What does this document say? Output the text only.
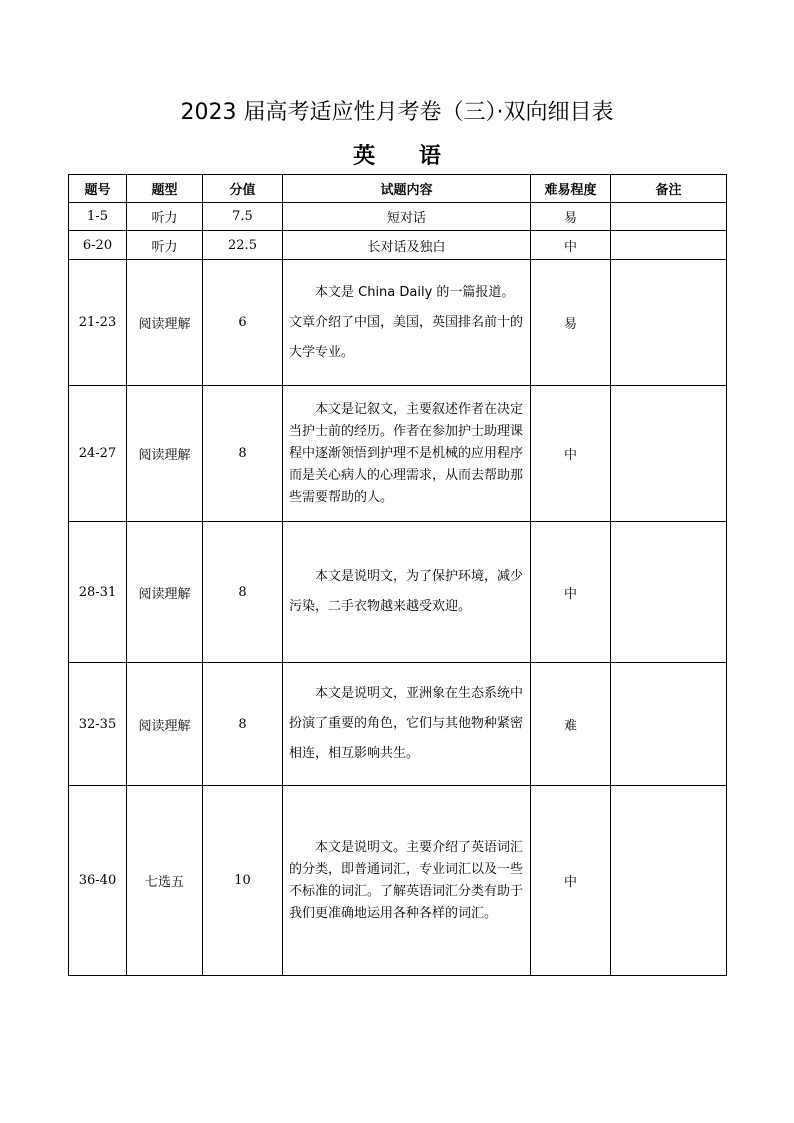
2023 届高考适应性月考卷（三）·双向细目表
英 语
题号	题型	分值	试题内容	难易程度	备注
1-5	听力	7.5	短对话	易	
6-20	听力	22.5	长对话及独白	中	
21-23	阅读理解	6	本文是 China Daily 的一篇报道。文章介绍了中国，美国，英国排名前十的大学专业。	易	
24-27	阅读理解	8	本文是记叙文，主要叙述作者在决定当护士前的经历。作者在参加护士助理课程中逐渐领悟到护理不是机械的应用程序而是关心病人的心理需求，从而去帮助那些需要帮助的人。	中	
28-31	阅读理解	8	本文是说明文，为了保护环境，减少污染，二手衣物越来越受欢迎。	中	
32-35	阅读理解	8	本文是说明文，亚洲象在生态系统中扮演了重要的角色，它们与其他物种紧密相连，相互影响共生。	难	
36-40	七选五	10	本文是说明文。主要介绍了英语词汇的分类，即普通词汇，专业词汇以及一些不标准的词汇。了解英语词汇分类有助于我们更准确地运用各种各样的词汇。	中	
